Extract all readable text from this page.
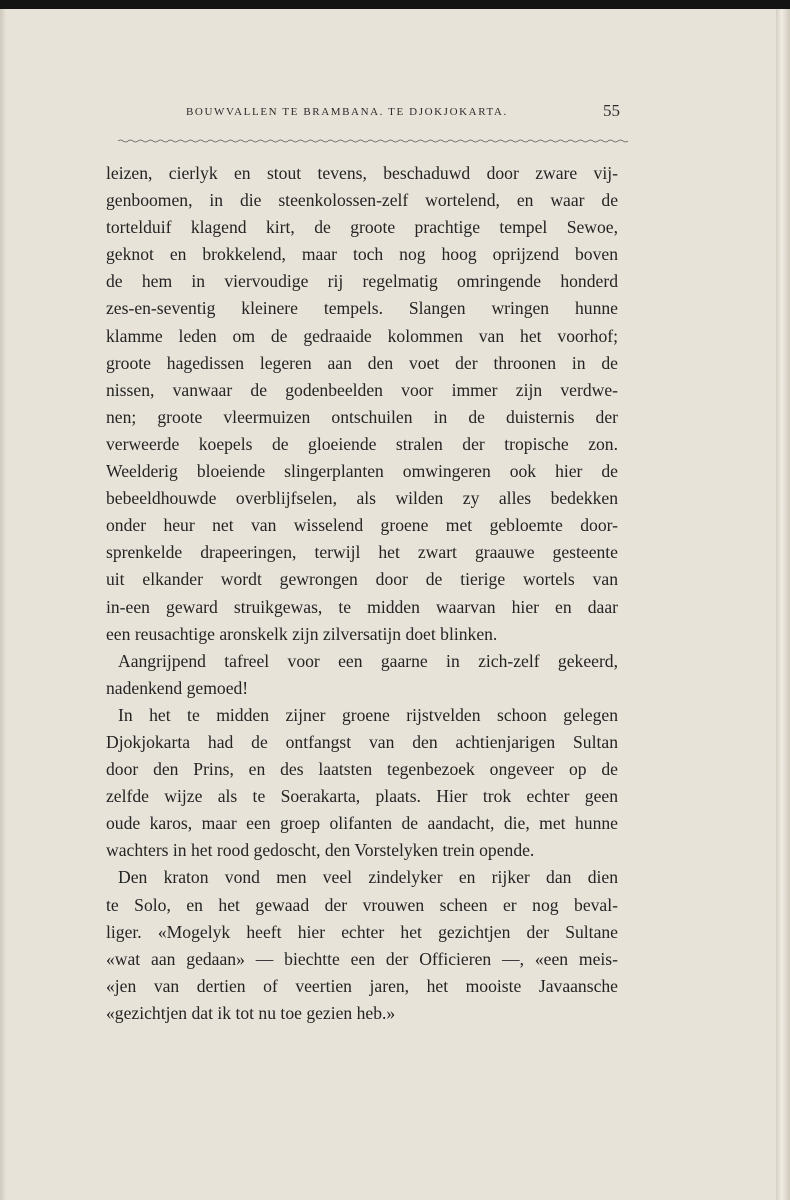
BOUWVALLEN TE BRAMBANA. TE DJOKJOKARTA.	55
leizen, cierlyk en stout tevens, beschaduwd door zware vij-
genboomen, in die steenkolossen-zelf wortelend, en waar de
tortelduif klagend kirt, de groote prachtige tempel Sewoe,
geknot en brokkelend, maar toch nog hoog oprijzend boven
de hem in viervoudige rij regelmatig omringende honderd
zes-en-seventig kleinere tempels. Slangen wringen hunne
klamme leden om de gedraaide kolommen van het voorhof;
groote hagedissen legeren aan den voet der throonen in de
nissen, vanwaar de godenbeelden voor immer zijn verdwe-
nen; groote vleermuizen ontschuilen in de duisternis der
verweerde koepels de gloeiende stralen der tropische zon.
Weelderig bloeiende slingerplanten omwingeren ook hier de
bebeeldhouwde overblijfselen, als wilden zy alles bedekken
onder heur net van wisselend groene met gebloemte door-
sprenkelde drapeeringen, terwijl het zwart graauwe gesteente
uit elkander wordt gewrongen door de tierige wortels van
in-een geward struikgewas, te midden waarvan hier en daar
een reusachtige aronskelk zijn zilversatijn doet blinken.
Aangrijpend tafreel voor een gaarne in zich-zelf gekeerd,
nadenkend gemoed!
In het te midden zijner groene rijstvelden schoon gelegen
Djokjokarta had de ontfangst van den achtienjarigen Sultan
door den Prins, en des laatsten tegenbezoek ongeveer op de
zelfde wijze als te Soerakarta, plaats. Hier trok echter geen
oude karos, maar een groep olifanten de aandacht, die, met hunne
wachters in het rood gedoscht, den Vorstelyken trein opende.
Den kraton vond men veel zindelyker en rijker dan dien
te Solo, en het gewaad der vrouwen scheen er nog beval-
liger. «Mogelyk heeft hier echter het gezichtjen der Sultane
«wat aan gedaan» — biechtte een der Officieren —, «een meis-
«jen van dertien of veertien jaren, het mooiste Javaansche
«gezichtjen dat ik tot nu toe gezien heb.»
